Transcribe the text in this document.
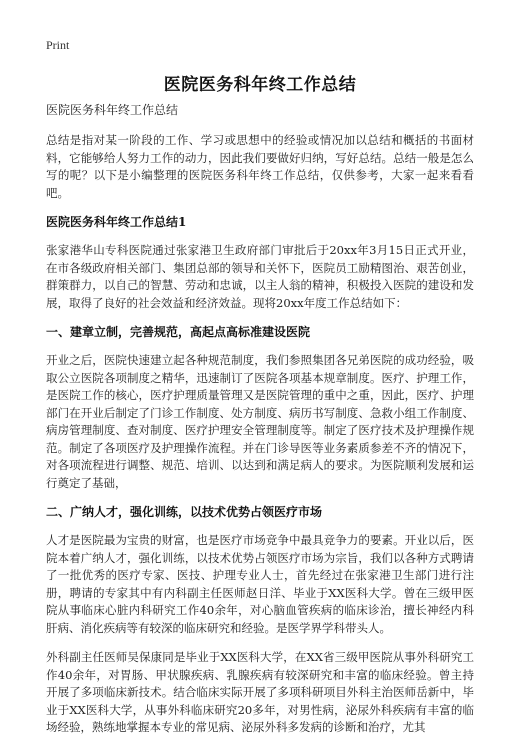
Print
医院医务科年终工作总结
医院医务科年终工作总结

总结是指对某一阶段的工作、学习或思想中的经验或情况加以总结和概括的书面材料，它能够给人努力工作的动力，因此我们要做好归纳，写好总结。总结一般是怎么写的呢？以下是小编整理的医院医务科年终工作总结，仅供参考，大家一起来看看吧。

医院医务科年终工作总结1

张家港华山专科医院通过张家港卫生政府部门审批后于20xx年3月15日正式开业，在市各级政府相关部门、集团总部的领导和关怀下，医院员工励精图治、艰苦创业，群策群力，以自己的智慧、劳动和忠诚，以主人翁的精神，积极投入医院的建设和发展，取得了良好的社会效益和经济效益。现将20xx年度工作总结如下：

一、建章立制，完善规范，高起点高标准建设医院

开业之后，医院快速建立起各种规范制度，我们参照集团各兄弟医院的成功经验，吸取公立医院各项制度之精华，迅速制订了医院各项基本规章制度。医疗、护理工作，是医院工作的核心，医疗护理质量管理又是医院管理的重中之重，因此，医疗、护理部门在开业后制定了门诊工作制度、处方制度、病历书写制度、急救小组工作制度、病房管理制度、查对制度、医疗护理安全管理制度等。制定了医疗技术及护理操作规范。制定了各项医疗及护理操作流程。并在门诊导医等业务素质参差不齐的情况下，对各项流程进行调整、规范、培训、以达到和满足病人的要求。为医院顺利发展和运行奠定了基础，

二、广纳人才，强化训练，以技术优势占领医疗市场

人才是医院最为宝贵的财富，也是医疗市场竞争中最具竞争力的要素。开业以后，医院本着广纳人才，强化训练，以技术优势占领医疗市场为宗旨，我们以各种方式聘请了一批优秀的医疗专家、医技、护理专业人士，首先经过在张家港卫生部门进行注册，聘请的专家其中有内科副主任医师赵日洋、毕业于XX医科大学。曾在三级甲医院从事临床心脏内科研究工作40余年，对心脑血管疾病的临床诊治，擅长神经内科肝病、消化疾病等有较深的临床研究和经验。是医学界学科带头人。

外科副主任医师吴保康同是毕业于XX医科大学，在XX省三级甲医院从事外科研究工作40余年，对胃肠、甲状腺疾病、乳腺疾病有较深研究和丰富的临床经验。曾主持开展了多项临床新技术。结合临床实际开展了多项科研项目外科主治医师岳新中，毕业于XX医科大学，从事外科临床研究20多年，对男性病，泌尿外科疾病有丰富的临场经验，熟练地掌握本专业的常见病、泌尿外科多发病的诊断和治疗，尤其
